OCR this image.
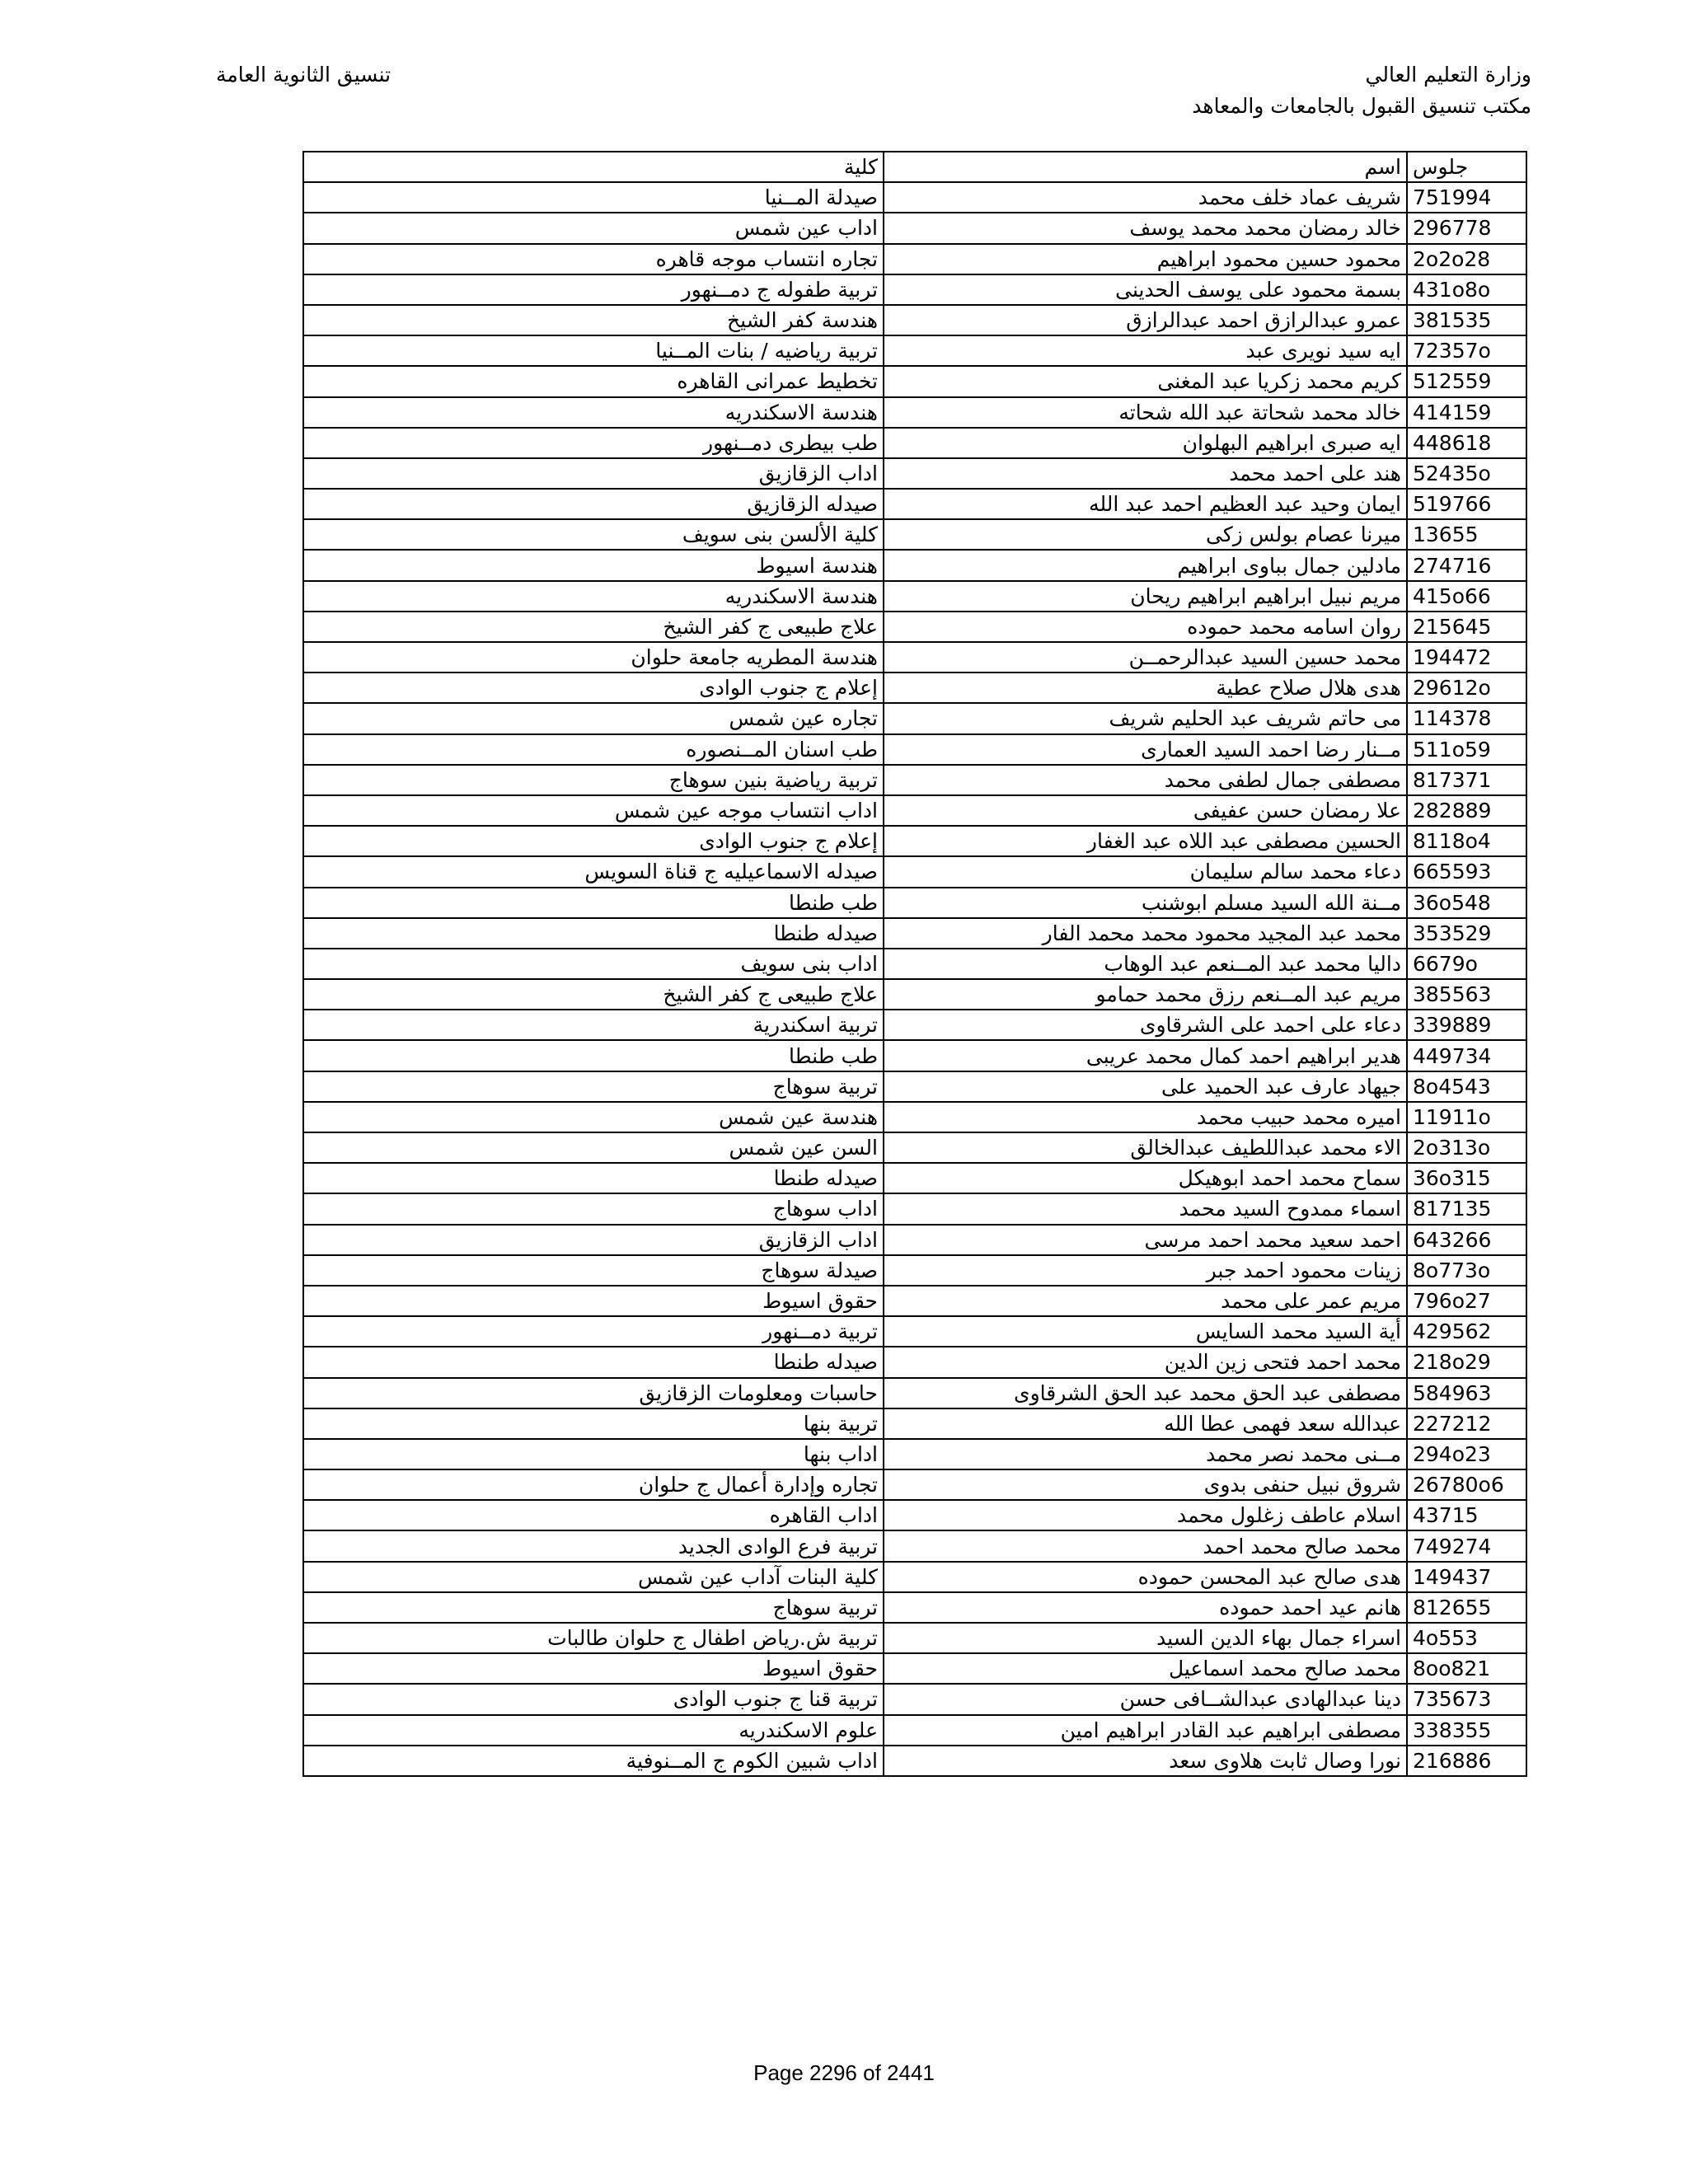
وزارة التعليم العالي
مكتب تنسيق القبول بالجامعات والمعاهد
تنسيق الثانوية العامة
جلوس	اسم	كلية
751994	شريف عماد خلف محمد	صيدلة المــنيا
296778	خالد رمضان محمد محمد يوسف	اداب عين شمس
2o2o28	محمود حسين محمود ابراهيم	تجاره انتساب موجه قاهره
431o8o	بسمة محمود على يوسف الحدينى	تربية طفوله ج دمــنهور
381535	عمرو عبدالرازق احمد عبدالرازق	هندسة كفر الشيخ
72357o	ايه سيد نويرى عبد	تربية رياضيه / بنات المــنيا
512559	كريم محمد زكريا عبد المغنى	تخطيط عمرانى القاهره
414159	خالد محمد شحاتة عبد الله شحاته	هندسة الاسكندريه
448618	ايه صبرى ابراهيم البهلوان	طب بيطرى دمــنهور
52435o	هند على احمد محمد	اداب الزقازيق
519766	ايمان وحيد عبد العظيم احمد عبد الله	صيدله الزقازيق
13655	ميرنا عصام بولس زكى	كلية الألسن بنى سويف
274716	مادلين جمال بباوى ابراهيم	هندسة اسيوط
415o66	مريم نبيل ابراهيم ابراهيم ريحان	هندسة الاسكندريه
215645	روان اسامه محمد حموده	علاج طبيعى ج كفر الشيخ
194472	محمد حسين السيد عبدالرحمــن	هندسة المطريه جامعة حلوان
29612o	هدى هلال صلاح عطية	إعلام ج جنوب الوادى
114378	مى حاتم شريف عبد الحليم شريف	تجاره عين شمس
511o59	مــنار رضا احمد السيد العمارى	طب اسنان المــنصوره
817371	مصطفى جمال لطفى محمد	تربية رياضية بنين سوهاج
282889	علا رمضان حسن عفيفى	اداب انتساب موجه عين شمس
8118o4	الحسين مصطفى عبد اللاه عبد الغفار	إعلام ج جنوب الوادى
665593	دعاء محمد سالم سليمان	صيدله الاسماعيليه ج قناة السويس
36o548	مــنة الله السيد مسلم ابوشنب	طب طنطا
353529	محمد عبد المجيد محمود محمد محمد الفار	صيدله طنطا
6679o	داليا محمد عبد المــنعم عبد الوهاب	اداب بنى سويف
385563	مريم عبد المــنعم رزق محمد حمامو	علاج طبيعى ج كفر الشيخ
339889	دعاء على احمد على الشرقاوى	تربية اسكندرية
449734	هدير ابراهيم احمد كمال محمد عريبى	طب طنطا
8o4543	جيهاد عارف عبد الحميد على	تربية سوهاج
11911o	اميره محمد حبيب محمد	هندسة عين شمس
2o313o	الاء محمد عبداللطيف عبدالخالق	السن عين شمس
36o315	سماح محمد احمد ابوهيكل	صيدله طنطا
817135	اسماء ممدوح السيد محمد	اداب سوهاج
643266	احمد سعيد محمد احمد مرسى	اداب الزقازيق
8o773o	زينات محمود احمد جبر	صيدلة سوهاج
796o27	مريم عمر على محمد	حقوق اسيوط
429562	أية السيد محمد السايس	تربية دمــنهور
218o29	محمد احمد فتحى زين الدين	صيدله طنطا
584963	مصطفى عبد الحق محمد عبد الحق الشرقاوى	حاسبات ومعلومات الزقازيق
227212	عبدالله سعد فهمى عطا الله	تربية بنها
294o23	مــنى محمد نصر محمد	اداب بنها
26780o6	شروق نبيل حنفى بدوى	تجاره وإدارة أعمال ج حلوان
43715	اسلام عاطف زغلول محمد	اداب القاهره
749274	محمد صالح محمد احمد	تربية فرع الوادى الجديد
149437	هدى صالح عبد المحسن حموده	كلية البنات آداب عين شمس
812655	هانم عيد احمد حموده	تربية سوهاج
4o553	اسراء جمال بهاء الدين السيد	تربية ش.رياض اطفال ج حلوان طالبات
8oo821	محمد صالح محمد اسماعيل	حقوق اسيوط
735673	دينا عبدالهادى عبدالشــافى حسن	تربية قنا ج جنوب الوادى
338355	مصطفى ابراهيم عبد القادر ابراهيم امين	علوم الاسكندريه
216886	نورا وصال ثابت هلاوى سعد	اداب شبين الكوم ج المــنوفية
Page 2296 of 2441
